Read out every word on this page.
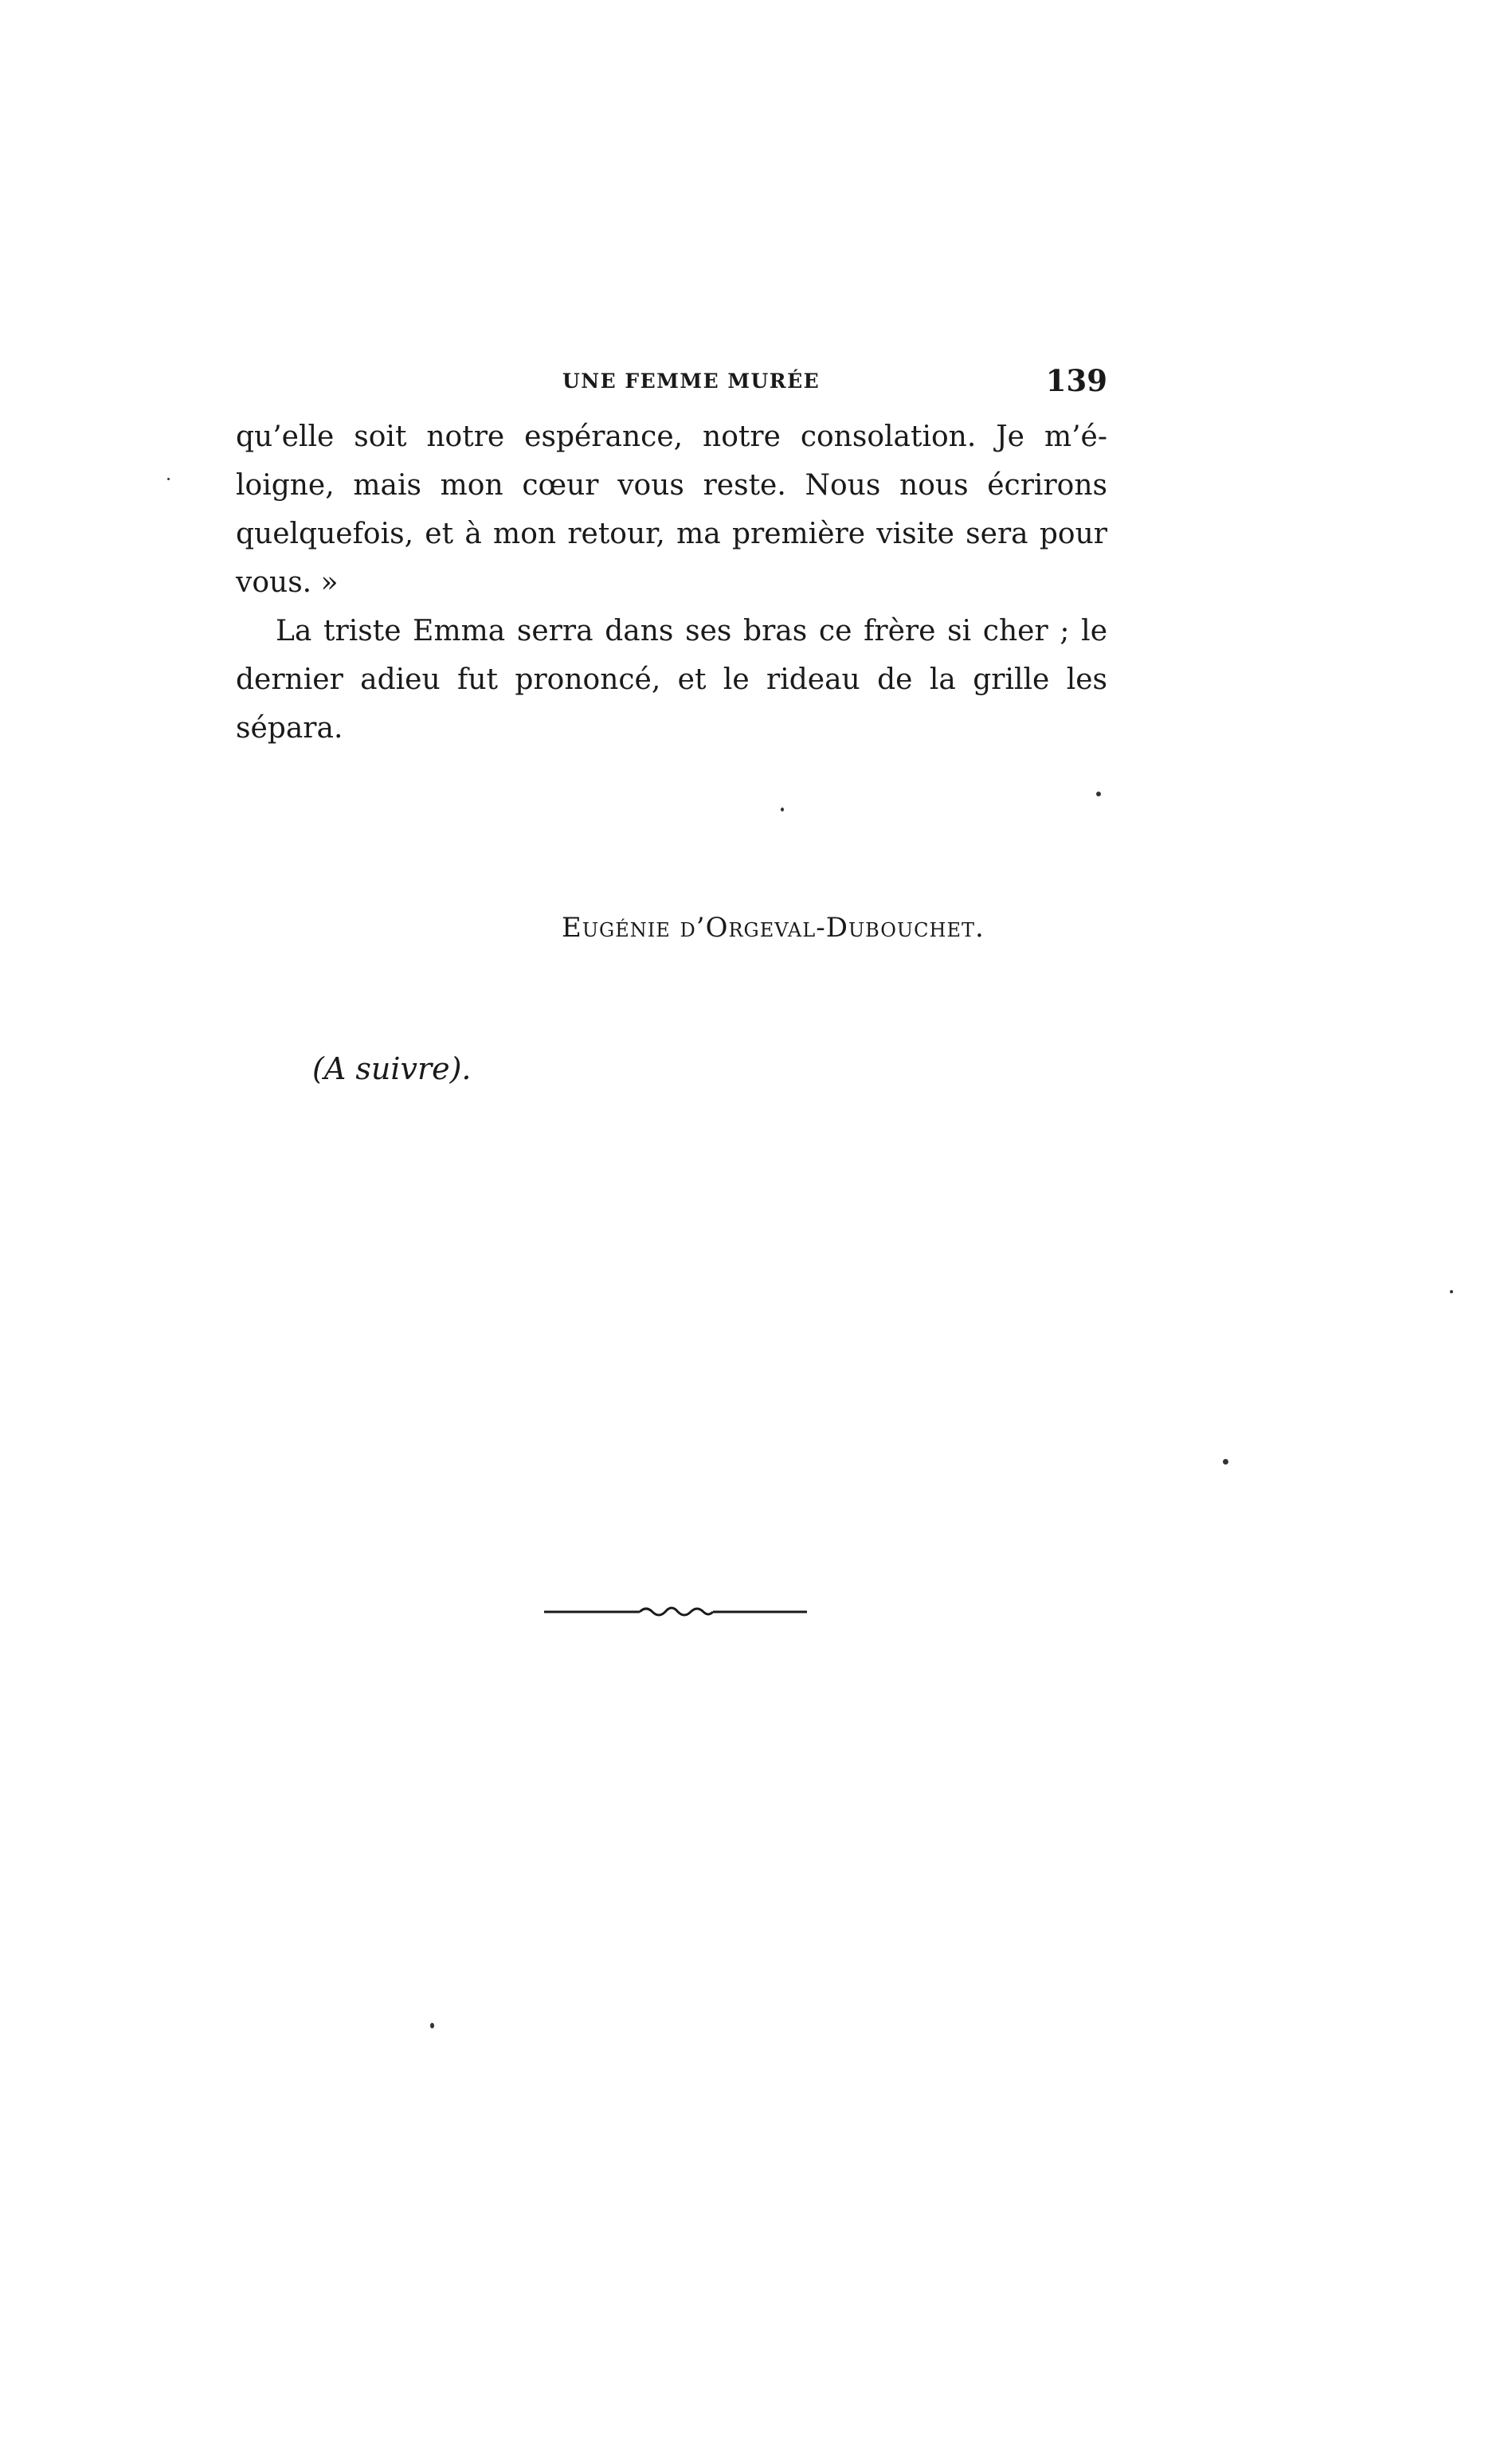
UNE FEMME MURÉE	139

qu’elle soit notre espérance, notre consolation. Je m’éloigne, mais mon cœur vous reste. Nous nous écrirons quelquefois, et à mon retour, ma première visite sera pour vous. »

La triste Emma serra dans ses bras ce frère si cher ; le dernier adieu fut prononcé, et le rideau de la grille les sépara.

Eugénie d’Orgeval-Dubouchet.
(A suivre).
